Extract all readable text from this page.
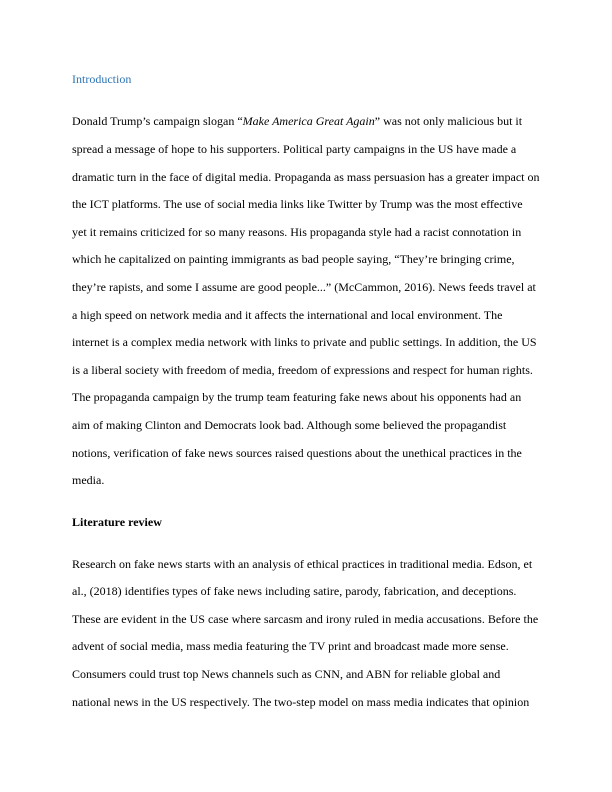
Introduction
Donald Trump’s campaign slogan “Make America Great Again” was not only malicious but it
spread a message of hope to his supporters. Political party campaigns in the US have made a
dramatic turn in the face of digital media. Propaganda as mass persuasion has a greater impact on
the ICT platforms. The use of social media links like Twitter by Trump was the most effective
yet it remains criticized for so many reasons. His propaganda style had a racist connotation in
which he capitalized on painting immigrants as bad people saying, “They’re bringing crime,
they’re rapists, and some I assume are good people...” (McCammon, 2016). News feeds travel at
a high speed on network media and it affects the international and local environment. The
internet is a complex media network with links to private and public settings. In addition, the US
is a liberal society with freedom of media, freedom of expressions and respect for human rights.
The propaganda campaign by the trump team featuring fake news about his opponents had an
aim of making Clinton and Democrats look bad. Although some believed the propagandist
notions, verification of fake news sources raised questions about the unethical practices in the
media.
Literature review
Research on fake news starts with an analysis of ethical practices in traditional media. Edson, et
al., (2018) identifies types of fake news including satire, parody, fabrication, and deceptions.
These are evident in the US case where sarcasm and irony ruled in media accusations. Before the
advent of social media, mass media featuring the TV print and broadcast made more sense.
Consumers could trust top News channels such as CNN, and ABN for reliable global and
national news in the US respectively. The two-step model on mass media indicates that opinion
